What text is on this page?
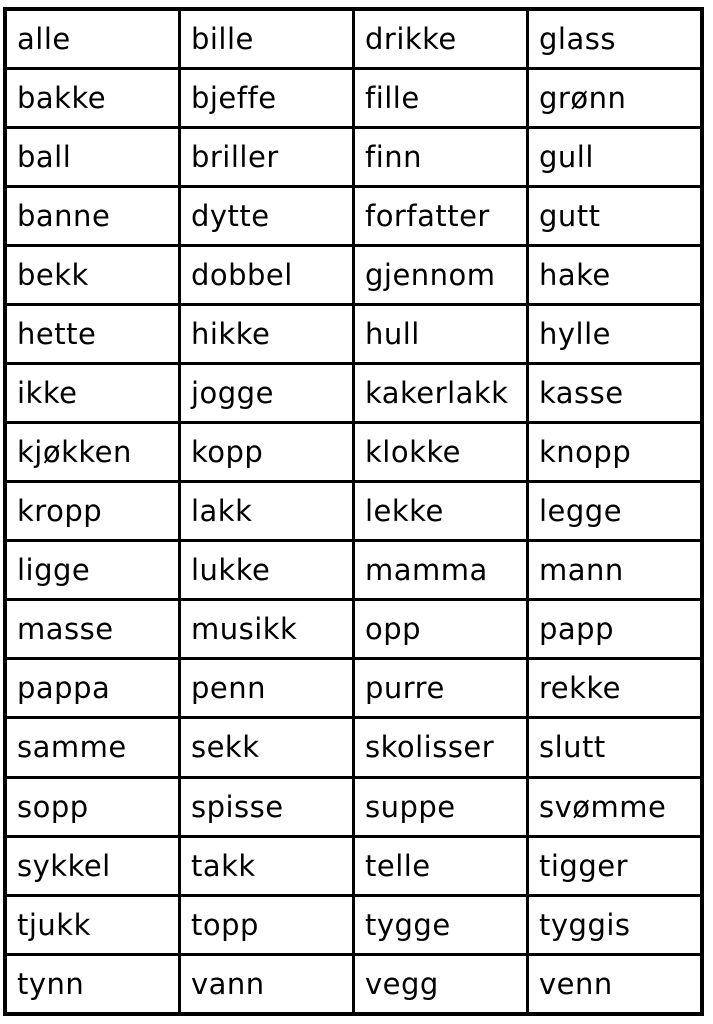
alle	bille	drikke	glass
bakke	bjeffe	fille	grønn
ball	briller	finn	gull
banne	dytte	forfatter	gutt
bekk	dobbel	gjennom	hake
hette	hikke	hull	hylle
ikke	jogge	kakerlakk	kasse
kjøkken	kopp	klokke	knopp
kropp	lakk	lekke	legge
ligge	lukke	mamma	mann
masse	musikk	opp	papp
pappa	penn	purre	rekke
samme	sekk	skolisser	slutt
sopp	spisse	suppe	svømme
sykkel	takk	telle	tigger
tjukk	topp	tygge	tyggis
tynn	vann	vegg	venn
